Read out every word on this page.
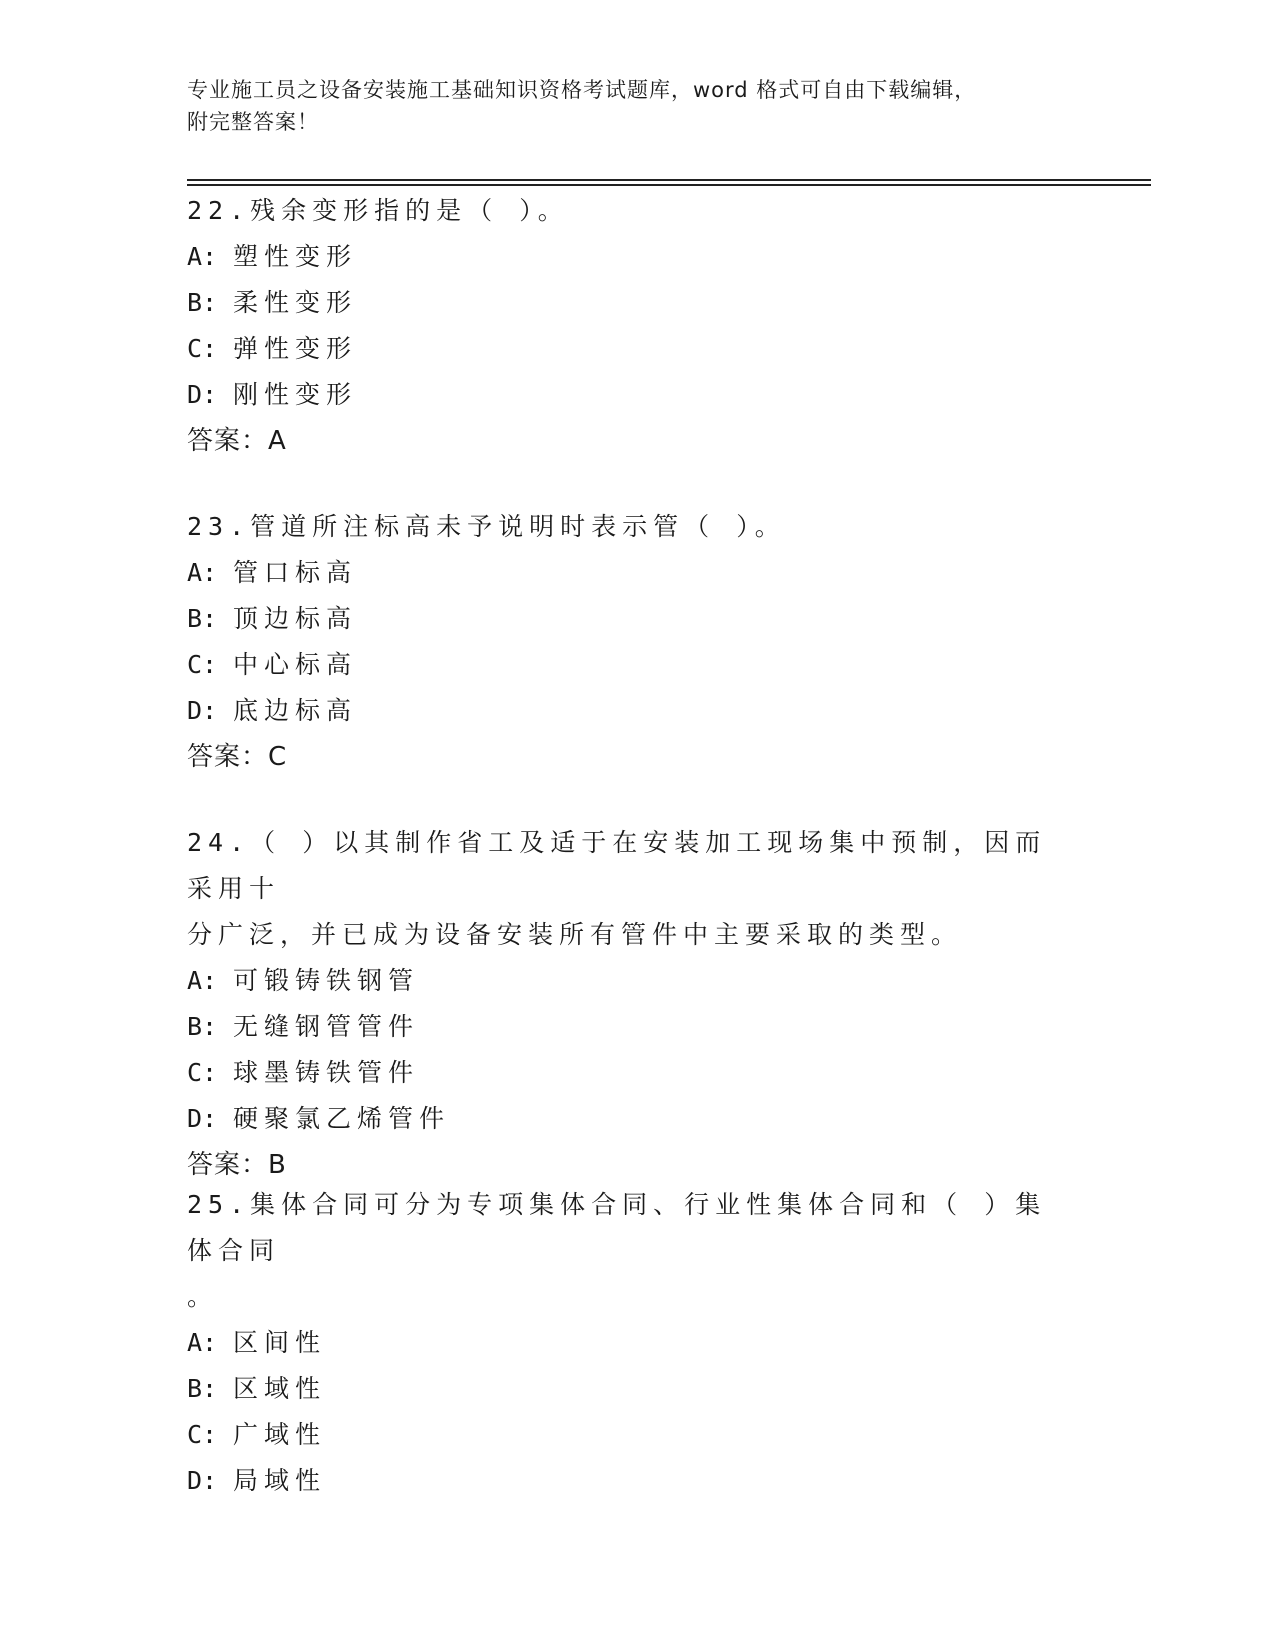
专业施工员之设备安装施工基础知识资格考试题库，word 格式可自由下载编辑，
附完整答案！

22.残余变形指的是（ ）。

A: 塑性变形

B: 柔性变形

C: 弹性变形

D: 刚性变形

答案：A

23.管道所注标高未予说明时表示管（ ）。

A: 管口标高

B: 顶边标高

C: 中心标高

D: 底边标高

答案：C

24.（ ）以其制作省工及适于在安装加工现场集中预制，因而采用十
分广泛，并已成为设备安装所有管件中主要采取的类型。

A: 可锻铸铁钢管

B: 无缝钢管管件

C: 球墨铸铁管件

D: 硬聚氯乙烯管件

答案：B

25.集体合同可分为专项集体合同、行业性集体合同和（ ）集体合同
。

A: 区间性

B: 区域性

C: 广域性

D: 局域性
